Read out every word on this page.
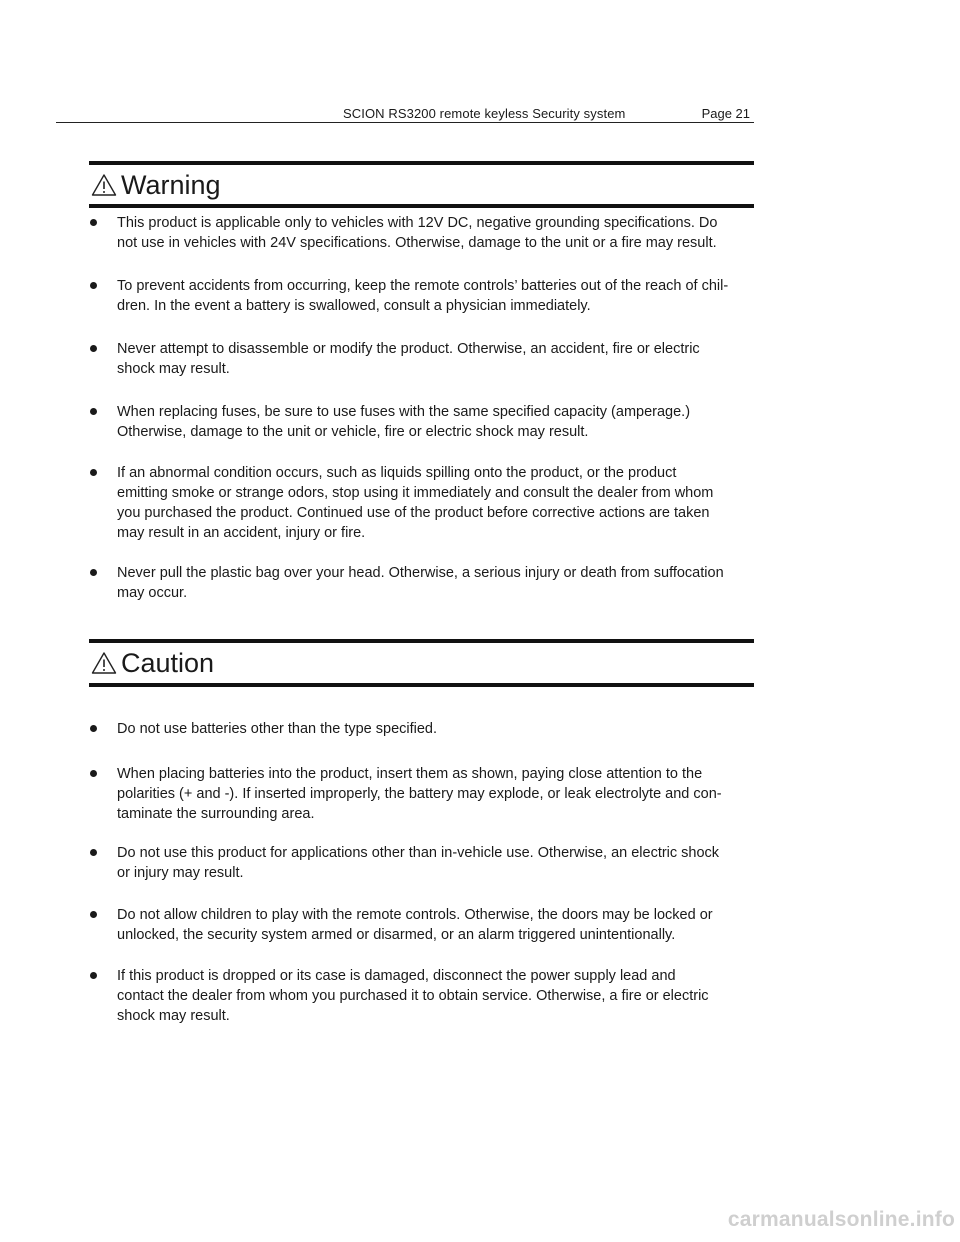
SCION RS3200 remote keyless Security system	Page 21
Warning
This product is applicable only to vehicles with 12V DC, negative grounding specifications. Do
not use in vehicles with 24V specifications. Otherwise, damage to the unit or a fire may result.
To prevent accidents from occurring, keep the remote controls’ batteries out of the reach of chil-
dren. In the event a battery is swallowed, consult a physician immediately.
Never attempt to disassemble or modify the product. Otherwise, an accident, fire or electric
shock may result.
When replacing fuses, be sure to use fuses with the same specified capacity (amperage.)
Otherwise, damage to the unit or vehicle, fire or electric shock may result.
If an abnormal condition occurs, such as liquids spilling onto the product, or the product
emitting smoke or strange odors, stop using it immediately and consult the dealer from whom
you purchased the product. Continued use of the product before corrective actions are taken
may result in an accident, injury or fire.
Never pull the plastic bag over your head. Otherwise, a serious injury or death from suffocation
may occur.
Caution
Do not use batteries other than the type specified.
When placing batteries into the product, insert them as shown, paying close attention to the
polarities (+ and -). If inserted improperly, the battery may explode, or leak electrolyte and con-
taminate the surrounding area.
Do not use this product for applications other than in-vehicle use. Otherwise, an electric shock
or injury may result.
Do not allow children to play with the remote controls. Otherwise, the doors may be locked or
unlocked, the security system armed or disarmed, or an alarm triggered unintentionally.
If this product is dropped or its case is damaged, disconnect the power supply lead and
contact the dealer from whom you purchased it to obtain service. Otherwise, a fire or electric
shock may result.
carmanualsonline.info
